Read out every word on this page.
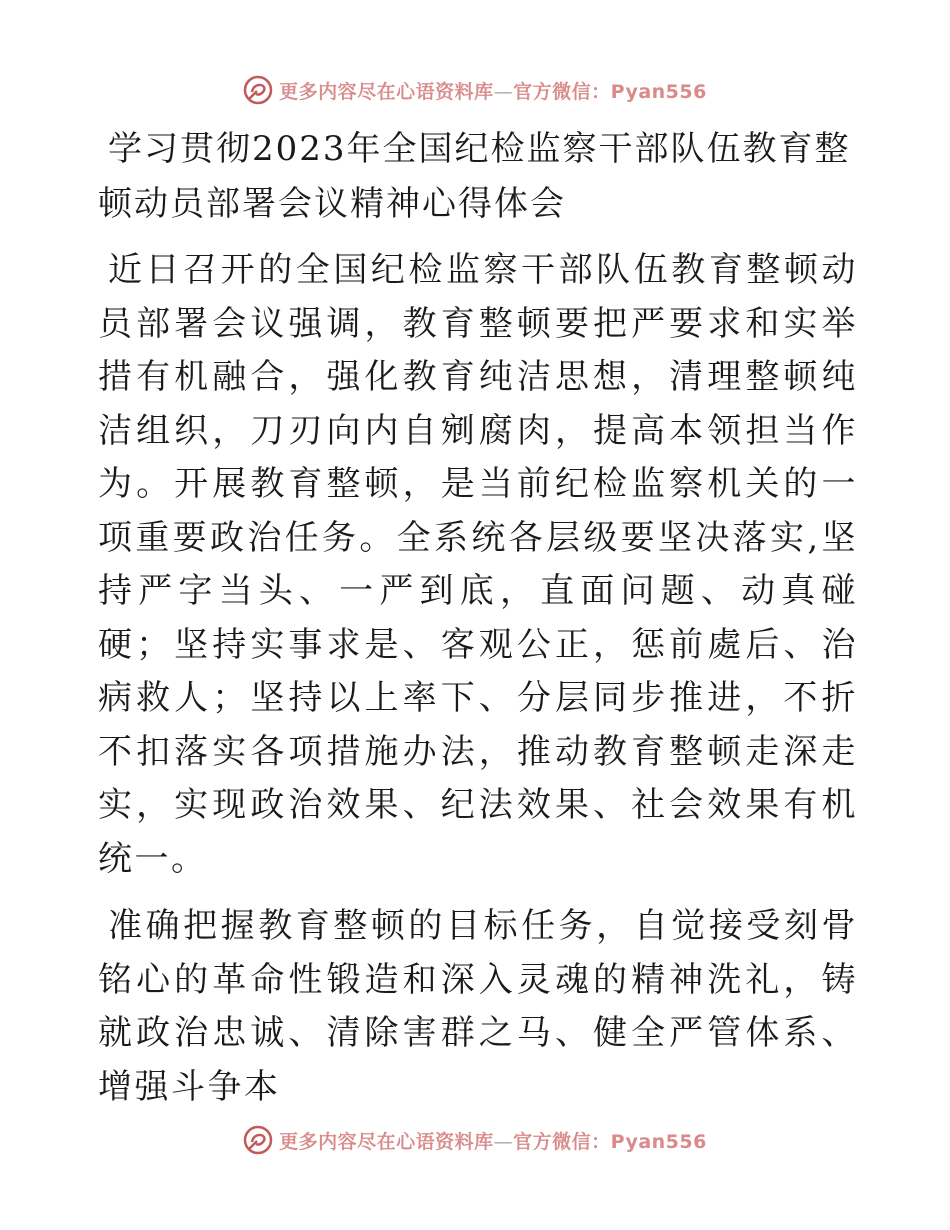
更多内容尽在心语资料库—官方微信：Pyan556
学习贯彻2023年全国纪检监察干部队伍教育整顿动员部署会议精神心得体会

近日召开的全国纪检监察干部队伍教育整顿动员部署会议强调，教育整顿要把严要求和实举措有机融合，强化教育纯洁思想，清理整顿纯洁组织，刀刃向内自剜腐肉，提高本领担当作为。开展教育整顿，是当前纪检监察机关的一项重要政治任务。全系统各层级要坚决落实,坚持严字当头、一严到底，直面问题、动真碰硬；坚持实事求是、客观公正，惩前處后、治病救人；坚持以上率下、分层同步推进，不折不扣落实各项措施办法，推动教育整顿走深走实，实现政治效果、纪法效果、社会效果有机统一。

准确把握教育整顿的目标任务，自觉接受刻骨铭心的革命性锻造和深入灵魂的精神洗礼，铸就政治忠诚、清除害群之马、健全严管体系、增强斗争本

更多内容尽在心语资料库—官方微信：Pyan556
